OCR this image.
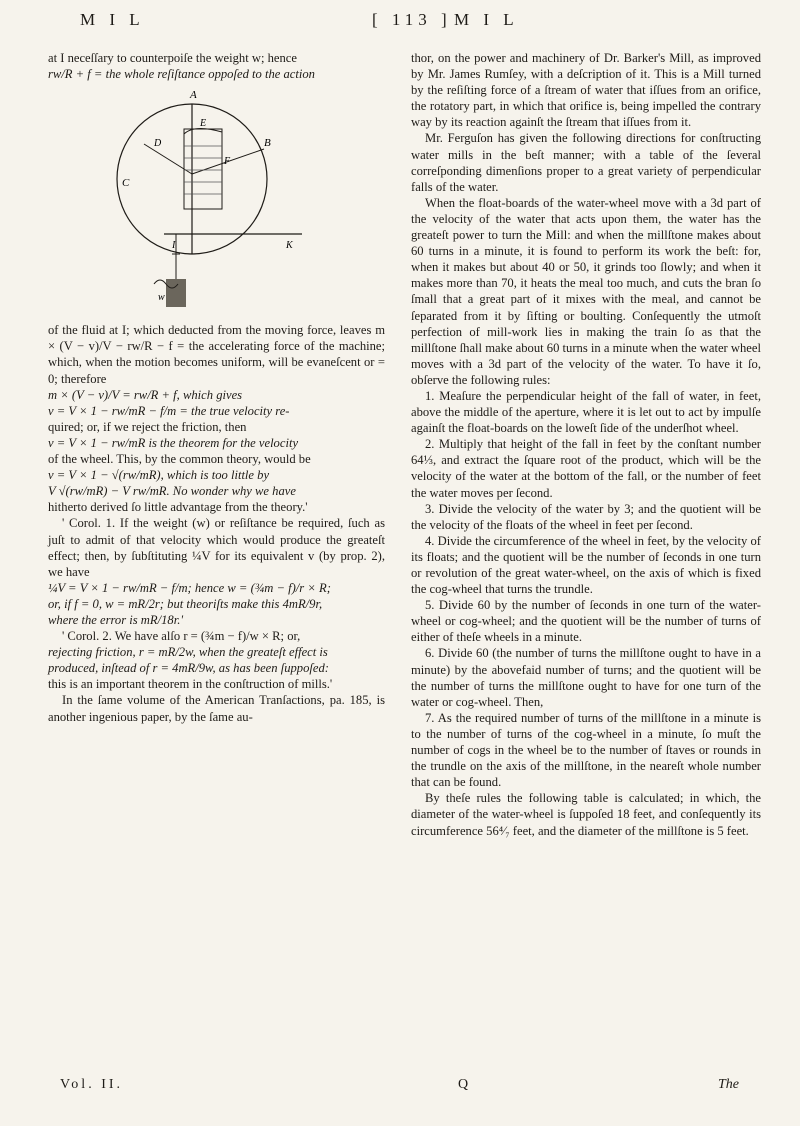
M I L	[ 113 ] M I L

at I neceſſary to counterpoiſe the weight w; hence

rw/R + f = the whole reſiſtance oppoſed to the action

A
E
D
F
B
C
I	K
w

of the fluid at I; which deducted from the moving force, leaves m × (V − v)/V − rw/R − f = the accelerating force of the machine; which, when the motion becomes uniform, will be evaneſcent or = 0; therefore

m × (V − v)/V = rw/R + f, which gives

v = V × 1 − rw/mR − f/m = the true velocity re-

quired; or, if we reject the friction, then

v = V × 1 − rw/mR is the theorem for the velocity

of the wheel. This, by the common theory, would be

v = V × 1 − √(rw/mR), which is too little by

V √(rw/mR) − V rw/mR. No wonder why we have

hitherto derived ſo little advantage from the theory.'

' Corol. 1. If the weight (w) or reſiſtance be required, ſuch as juſt to admit of that velocity which would produce the greateſt effect; then, by ſubſtituting ¼V for its equivalent v (by prop. 2), we have

¼V = V × 1 − rw/mR − f/m; hence w = (¾m − f)/r × R;

or, if f = 0, w = mR/2r; but theoriſts make this 4mR/9r,

where the error is mR/18r.'

' Corol. 2. We have alſo r = (¾m − f)/w × R; or,

rejecting friction, r = mR/2w, when the greateſt effect is

produced, inſtead of r = 4mR/9w, as has been ſuppoſed:

this is an important theorem in the conſtruction of mills.'

In the ſame volume of the American Tranſactions, pa. 185, is another ingenious paper, by the ſame au-

thor, on the power and machinery of Dr. Barker's Mill, as improved by Mr. James Rumſey, with a deſcription of it. This is a Mill turned by the reſiſting force of a ſtream of water that iſſues from an orifice, the rotatory part, in which that orifice is, being impelled the contrary way by its reaction againſt the ſtream that iſſues from it.

Mr. Ferguſon has given the following directions for conſtructing water mills in the beſt manner; with a table of the ſeveral correſponding dimenſions proper to a great variety of perpendicular falls of the water.

When the float-boards of the water-wheel move with a 3d part of the velocity of the water that acts upon them, the water has the greateſt power to turn the Mill: and when the millſtone makes about 60 turns in a minute, it is found to perform its work the beſt: for, when it makes but about 40 or 50, it grinds too ſlowly; and when it makes more than 70, it heats the meal too much, and cuts the bran ſo ſmall that a great part of it mixes with the meal, and cannot be ſeparated from it by ſifting or boulting. Conſequently the utmoſt perfection of mill-work lies in making the train ſo as that the millſtone ſhall make about 60 turns in a minute when the water wheel moves with a 3d part of the velocity of the water. To have it ſo, obſerve the following rules:

1. Meaſure the perpendicular height of the fall of water, in feet, above the middle of the aperture, where it is let out to act by impulſe againſt the float-boards on the loweſt ſide of the underſhot wheel.

2. Multiply that height of the fall in feet by the conſtant number 64⅓, and extract the ſquare root of the product, which will be the velocity of the water at the bottom of the fall, or the number of feet the water moves per ſecond.

3. Divide the velocity of the water by 3; and the quotient will be the velocity of the floats of the wheel in feet per ſecond.

4. Divide the circumference of the wheel in feet, by the velocity of its floats; and the quotient will be the number of ſeconds in one turn or revolution of the great water-wheel, on the axis of which is fixed the cog-wheel that turns the trundle.

5. Divide 60 by the number of ſeconds in one turn of the water-wheel or cog-wheel; and the quotient will be the number of turns of either of theſe wheels in a minute.

6. Divide 60 (the number of turns the millſtone ought to have in a minute) by the abovefaid number of turns; and the quotient will be the number of turns the millſtone ought to have for one turn of the water or cog-wheel. Then,

7. As the required number of turns of the millſtone in a minute is to the number of turns of the cog-wheel in a minute, ſo muſt the number of cogs in the wheel be to the number of ſtaves or rounds in the trundle on the axis of the millſtone, in the neareſt whole number that can be found.

By theſe rules the following table is calculated; in which, the diameter of the water-wheel is ſuppoſed 18 feet, and conſequently its circumference 56⁴⁄₇ feet, and the diameter of the millſtone is 5 feet.

Vol. II.	Q	The
